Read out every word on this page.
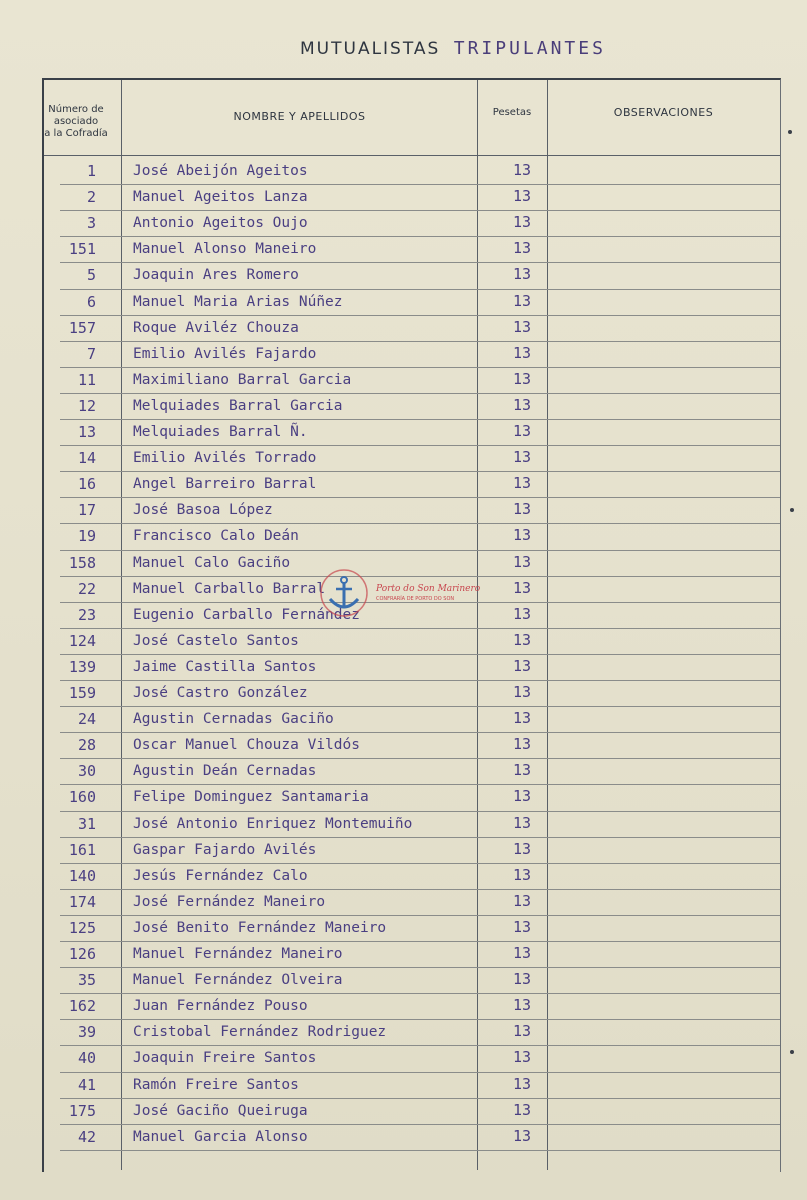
MUTUALISTAS TRIPULANTES
Número de
asociado
a la Cofradía
NOMBRE Y APELLIDOS	Pesetas	OBSERVACIONES
1	José Abeijón Ageitos	13
2	Manuel Ageitos Lanza	13
3	Antonio Ageitos Oujo	13
151	Manuel Alonso Maneiro	13
5	Joaquin Ares Romero	13
6	Manuel Maria Arias Núñez	13
157	Roque Aviléz Chouza	13
7	Emilio Avilés Fajardo	13
11	Maximiliano Barral Garcia	13
12	Melquiades Barral Garcia	13
13	Melquiades Barral Ñ.	13
14	Emilio Avilés Torrado	13
16	Angel Barreiro Barral	13
17	José Basoa López	13
19	Francisco Calo Deán	13
158	Manuel Calo Gaciño	13
22	Manuel Carballo Barral	13
23	Eugenio Carballo Fernández	13
124	José Castelo Santos	13
139	Jaime Castilla Santos	13
159	José Castro González	13
24	Agustin Cernadas Gaciño	13
28	Oscar Manuel Chouza Vildós	13
30	Agustin Deán Cernadas	13
160	Felipe Dominguez Santamaria	13
31	José Antonio Enriquez Montemuiño	13
161	Gaspar Fajardo Avilés	13
140	Jesús Fernández Calo	13
174	José Fernández Maneiro	13
125	José Benito Fernández Maneiro	13
126	Manuel Fernández Maneiro	13
35	Manuel Fernández Olveira	13
162	Juan Fernández Pouso	13
39	Cristobal Fernández Rodriguez	13
40	Joaquin Freire Santos	13
41	Ramón Freire Santos	13
175	José Gaciño Queiruga	13
42	Manuel Garcia Alonso	13
Porto do Son Marinero
CONFRARÍA DE PORTO DO SON
